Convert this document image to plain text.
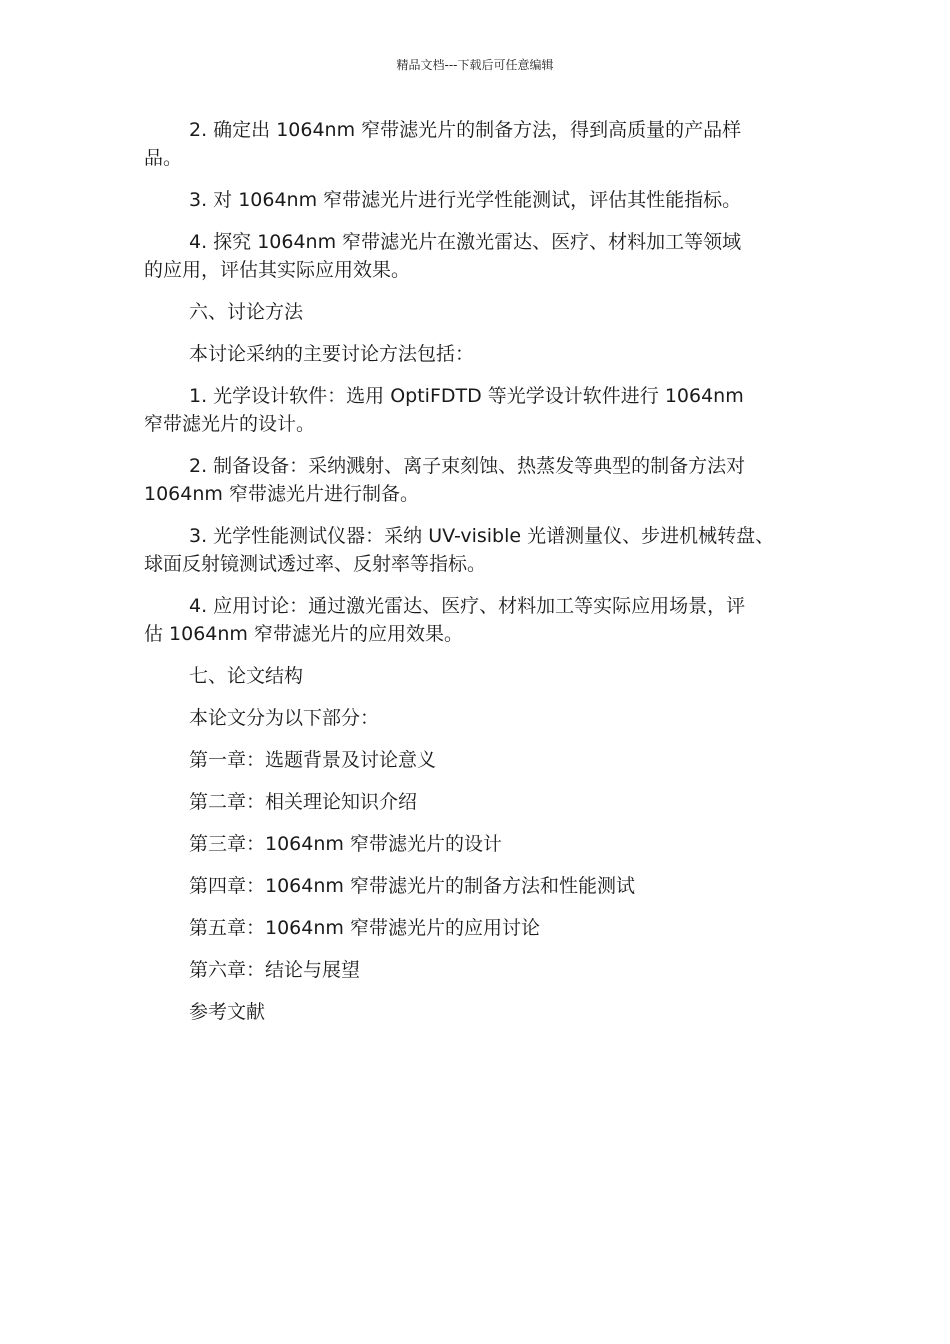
精品文档---下载后可任意编辑

2. 确定出 1064nm 窄带滤光片的制备方法，得到高质量的产品样
品。

3. 对 1064nm 窄带滤光片进行光学性能测试，评估其性能指标。

4. 探究 1064nm 窄带滤光片在激光雷达、医疗、材料加工等领域
的应用，评估其实际应用效果。

六、讨论方法

本讨论采纳的主要讨论方法包括：

1. 光学设计软件：选用 OptiFDTD 等光学设计软件进行 1064nm
窄带滤光片的设计。

2. 制备设备：采纳溅射、离子束刻蚀、热蒸发等典型的制备方法对
1064nm 窄带滤光片进行制备。

3. 光学性能测试仪器：采纳 UV-visible 光谱测量仪、步进机械转盘、
球面反射镜测试透过率、反射率等指标。

4. 应用讨论：通过激光雷达、医疗、材料加工等实际应用场景，评
估 1064nm 窄带滤光片的应用效果。

七、论文结构

本论文分为以下部分：

第一章：选题背景及讨论意义

第二章：相关理论知识介绍

第三章：1064nm 窄带滤光片的设计

第四章：1064nm 窄带滤光片的制备方法和性能测试

第五章：1064nm 窄带滤光片的应用讨论

第六章：结论与展望

参考文献
